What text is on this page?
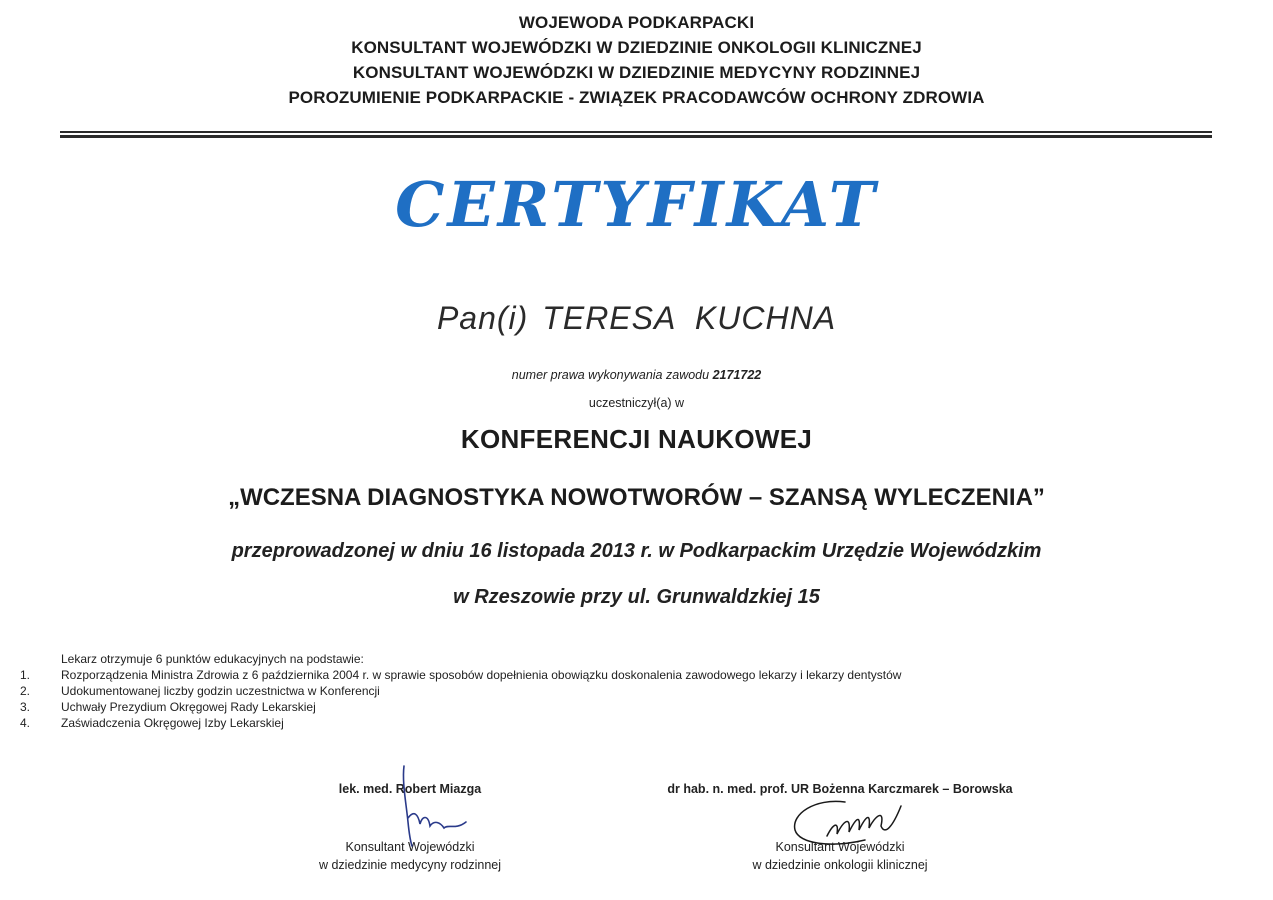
WOJEWODA PODKARPACKI
KONSULTANT WOJEWÓDZKI W DZIEDZINIE ONKOLOGII KLINICZNEJ
KONSULTANT WOJEWÓDZKI W DZIEDZINIE MEDYCYNY RODZINNEJ
POROZUMIENIE PODKARPACKIE - ZWIĄZEK PRACODAWCÓW OCHRONY ZDROWIA
CERTYFIKAT
Pan(i) TERESA  KUCHNA
numer prawa wykonywania zawodu 2171722
uczestniczył(a) w
KONFERENCJI NAUKOWEJ
„WCZESNA DIAGNOSTYKA NOWOTWORÓW – SZANSĄ WYLECZENIA”
przeprowadzonej w dniu 16 listopada 2013 r. w Podkarpackim Urzędzie Wojewódzkim
w Rzeszowie przy ul. Grunwaldzkiej 15
Lekarz otrzymuje 6 punktów edukacyjnych na podstawie:
1.	Rozporządzenia Ministra Zdrowia z 6 października 2004 r. w sprawie sposobów dopełnienia obowiązku doskonalenia zawodowego lekarzy i lekarzy dentystów
2.	Udokumentowanej liczby godzin uczestnictwa w Konferencji
3.	Uchwały Prezydium Okręgowej Rady Lekarskiej
4.	Zaświadczenia Okręgowej Izby Lekarskiej
lek. med. Robert Miazga
Konsultant Wojewódzki
w dziedzinie medycyny rodzinnej
dr hab. n. med. prof. UR Bożenna Karczmarek – Borowska
Konsultant Wojewódzki
w dziedzinie onkologii klinicznej
